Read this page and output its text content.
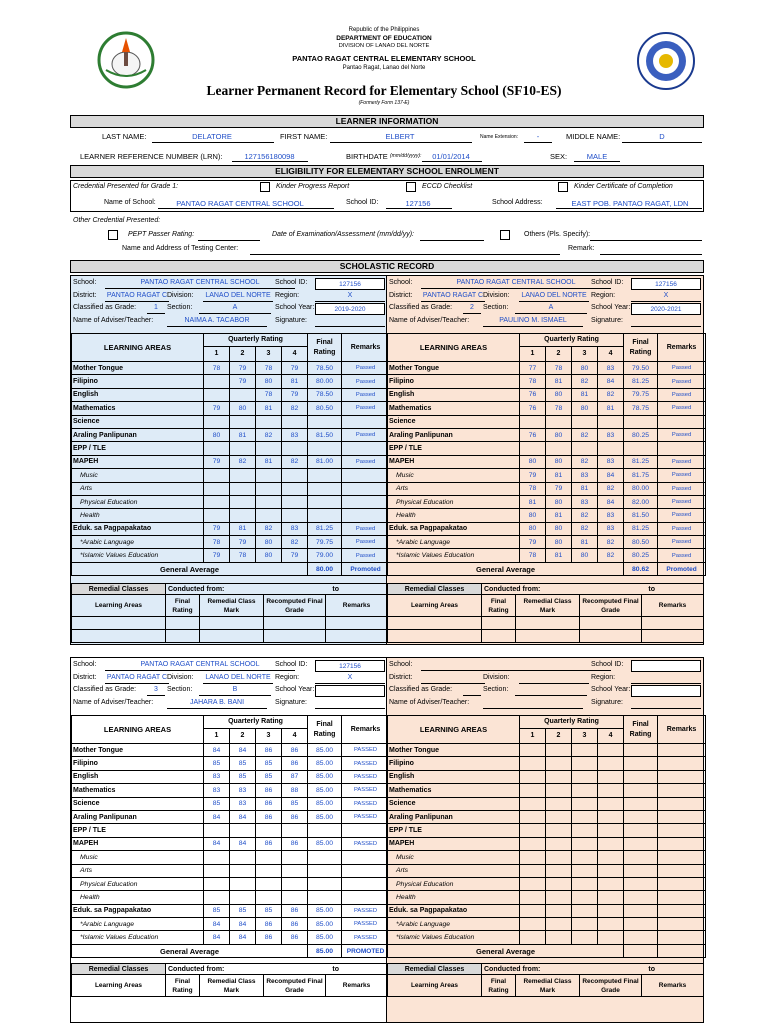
Republic of the Philippines
DEPARTMENT OF EDUCATION
DIVISION OF LANAO DEL NORTE
PANTAO RAGAT CENTRAL ELEMENTARY SCHOOL
Pantao Ragat, Lanao del Norte
Learner Permanent Record for Elementary School (SF10-ES)
(Formerly Form 137-E)
LEARNER INFORMATION
LAST NAME:	DELATORE	FIRST NAME:	ELBERT	Name Extension:	-	MIDDLE NAME:	D
LEARNER REFERENCE NUMBER (LRN):	127156180098	BIRTHDATE (mm/dd/yyyy):	01/01/2014	SEX:	MALE
ELIGIBILITY FOR ELEMENTARY SCHOOL ENROLMENT
Credential Presented for Grade 1:	Kinder Progress Report	ECCD Checklist	Kinder Certificate of Completion
Name of School:	PANTAO RAGAT CENTRAL SCHOOL	School ID:	127156	School Address:	EAST POB. PANTAO RAGAT, LDN
Other Credential Presented:
PEPT Passer Rating:	Date of Examination/Assessment (mm/dd/yy):	Others (Pls. Specify):
Name and Address of Testing Center:	Remark:
SCHOLASTIC RECORD
School:	PANTAO RAGAT CENTRAL SCHOOL	School ID:	127156
District: PANTAO RAGAT C Division:	LANAO DEL NORTE Region:	X
Classified as Grade:	1	Section:	A	School Year:	2019-2020
Name of Adviser/Teacher:	NAIMA A. TACABOR	Signature:
LEARNING AREAS	Quarterly Rating				Final Rating	Remarks
	1	2	3	4		
Mother Tongue	78	79	78	79	78.50	Passed
Filipino		79	80	81	80.00	Passed
English			78	79	78.50	Passed
Mathematics	79	80	81	82	80.50	Passed
Science						
Araling Panlipunan	80	81	82	83	81.50	Passed
EPP / TLE						
MAPEH	79	82	81	82	81.00	Passed
Music						
Arts						
Physical Education						
Health						
Eduk. sa Pagpapakatao	79	81	82	83	81.25	Passed
*Arabic Language	78	79	80	82	79.75	Passed
*Islamic Values Education	79	78	80	79	79.00	Passed
General Average					80.00	Promoted
Remedial Classes	Conducted from: to			
Learning Areas	Final Rating	Remedial Class Mark	Recomputed Final Grade	Remarks

School:	PANTAO RAGAT CENTRAL SCHOOL	School ID:	127156
District: PANTAO RAGAT C Division:	LANAO DEL NORTE Region:	X
Classified as Grade:	2	Section:	A	School Year:	2020-2021
Name of Adviser/Teacher:	PAULINO M. ISMAEL	Signature:
LEARNING AREAS	Quarterly Rating				Final Rating	Remarks
	1	2	3	4		
Mother Tongue	77	78	80	83	79.50	Passed
Filipino	78	81	82	84	81.25	Passed
English	76	80	81	82	79.75	Passed
Mathematics	76	78	80	81	78.75	Passed
Science						
Araling Panlipunan	76	80	82	83	80.25	Passed
EPP / TLE						
MAPEH	80	80	82	83	81.25	Passed
Music	79	81	83	84	81.75	Passed
Arts	78	79	81	82	80.00	Passed
Physical Education	81	80	83	84	82.00	Passed
Health	80	81	82	83	81.50	Passed
Eduk. sa Pagpapakatao	80	80	82	83	81.25	Passed
*Arabic Language	79	80	81	82	80.50	Passed
*Islamic Values Education	78	81	80	82	80.25	Passed
General Average					80.62	Promoted
Remedial Classes	Conducted from: to			
Learning Areas	Final Rating	Remedial Class Mark	Recomputed Final Grade	Remarks

School:	PANTAO RAGAT CENTRAL SCHOOL	School ID:	127156
District: PANTAO RAGAT C Division:	LANAO DEL NORTE Region:	X
Classified as Grade:	3	Section:	B	School Year:
Name of Adviser/Teacher:	JAHARA B. BANI	Signature:
LEARNING AREAS	Quarterly Rating				Final Rating	Remarks
	1	2	3	4		
Mother Tongue	84	84	86	86	85.00	PASSED
Filipino	85	85	85	86	85.00	PASSED
English	83	85	85	87	85.00	PASSED
Mathematics	83	83	86	88	85.00	PASSED
Science	85	83	86	85	85.00	PASSED
Araling Panlipunan	84	84	86	86	85.00	PASSED
EPP / TLE						
MAPEH	84	84	86	86	85.00	PASSED
Music						
Arts						
Physical Education						
Health						
Eduk. sa Pagpapakatao	85	85	85	86	85.00	PASSED
*Arabic Language	84	84	86	86	85.00	PASSED
*Islamic Values Education	84	84	86	86	85.00	PASSED
General Average					85.00	PROMOTED
Remedial Classes	Conducted from: to			
Learning Areas	Final Rating	Remedial Class Mark	Recomputed Final Grade	Remarks
School:	School ID:
District:	Division:	Region:
Classified as Grade:	Section:	School Year:
Name of Adviser/Teacher:	Signature:
LEARNING AREAS	Quarterly Rating				Final Rating	Remarks
	1	2	3	4		
Mother Tongue						
Filipino						
English						
Mathematics						
Science						
Araling Panlipunan						
EPP / TLE						
MAPEH						
Music						
Arts						
Physical Education						
Health						
Eduk. sa Pagpapakatao						
*Arabic Language						
*Islamic Values Education						
General Average						
Remedial Classes	Conducted from: to			
Learning Areas	Final Rating	Remedial Class Mark	Recomputed Final Grade	Remarks
